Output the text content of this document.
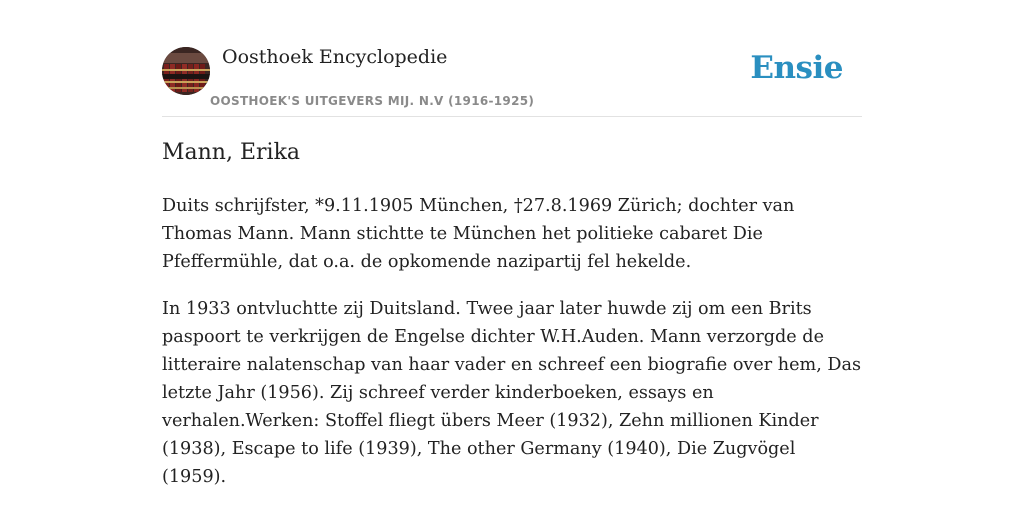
Oosthoek Encyclopedie
OOSTHOEK'S UITGEVERS MIJ. N.V (1916-1925)
Ensie
Mann, Erika

Duits schrijfster, *9.11.1905 München, †27.8.1969 Zürich; dochter van Thomas Mann. Mann stichtte te München het politieke cabaret Die Pfeffermühle, dat o.a. de opkomende nazipartij fel hekelde.

In 1933 ontvluchtte zij Duitsland. Twee jaar later huwde zij om een Brits paspoort te verkrijgen de Engelse dichter W.H.Auden. Mann verzorgde de litteraire nalatenschap van haar vader en schreef een biografie over hem, Das letzte Jahr (1956). Zij schreef verder kinderboeken, essays en verhalen.Werken: Stoffel fliegt übers Meer (1932), Zehn millionen Kinder (1938), Escape to life (1939), The other Germany (1940), Die Zugvögel (1959).
